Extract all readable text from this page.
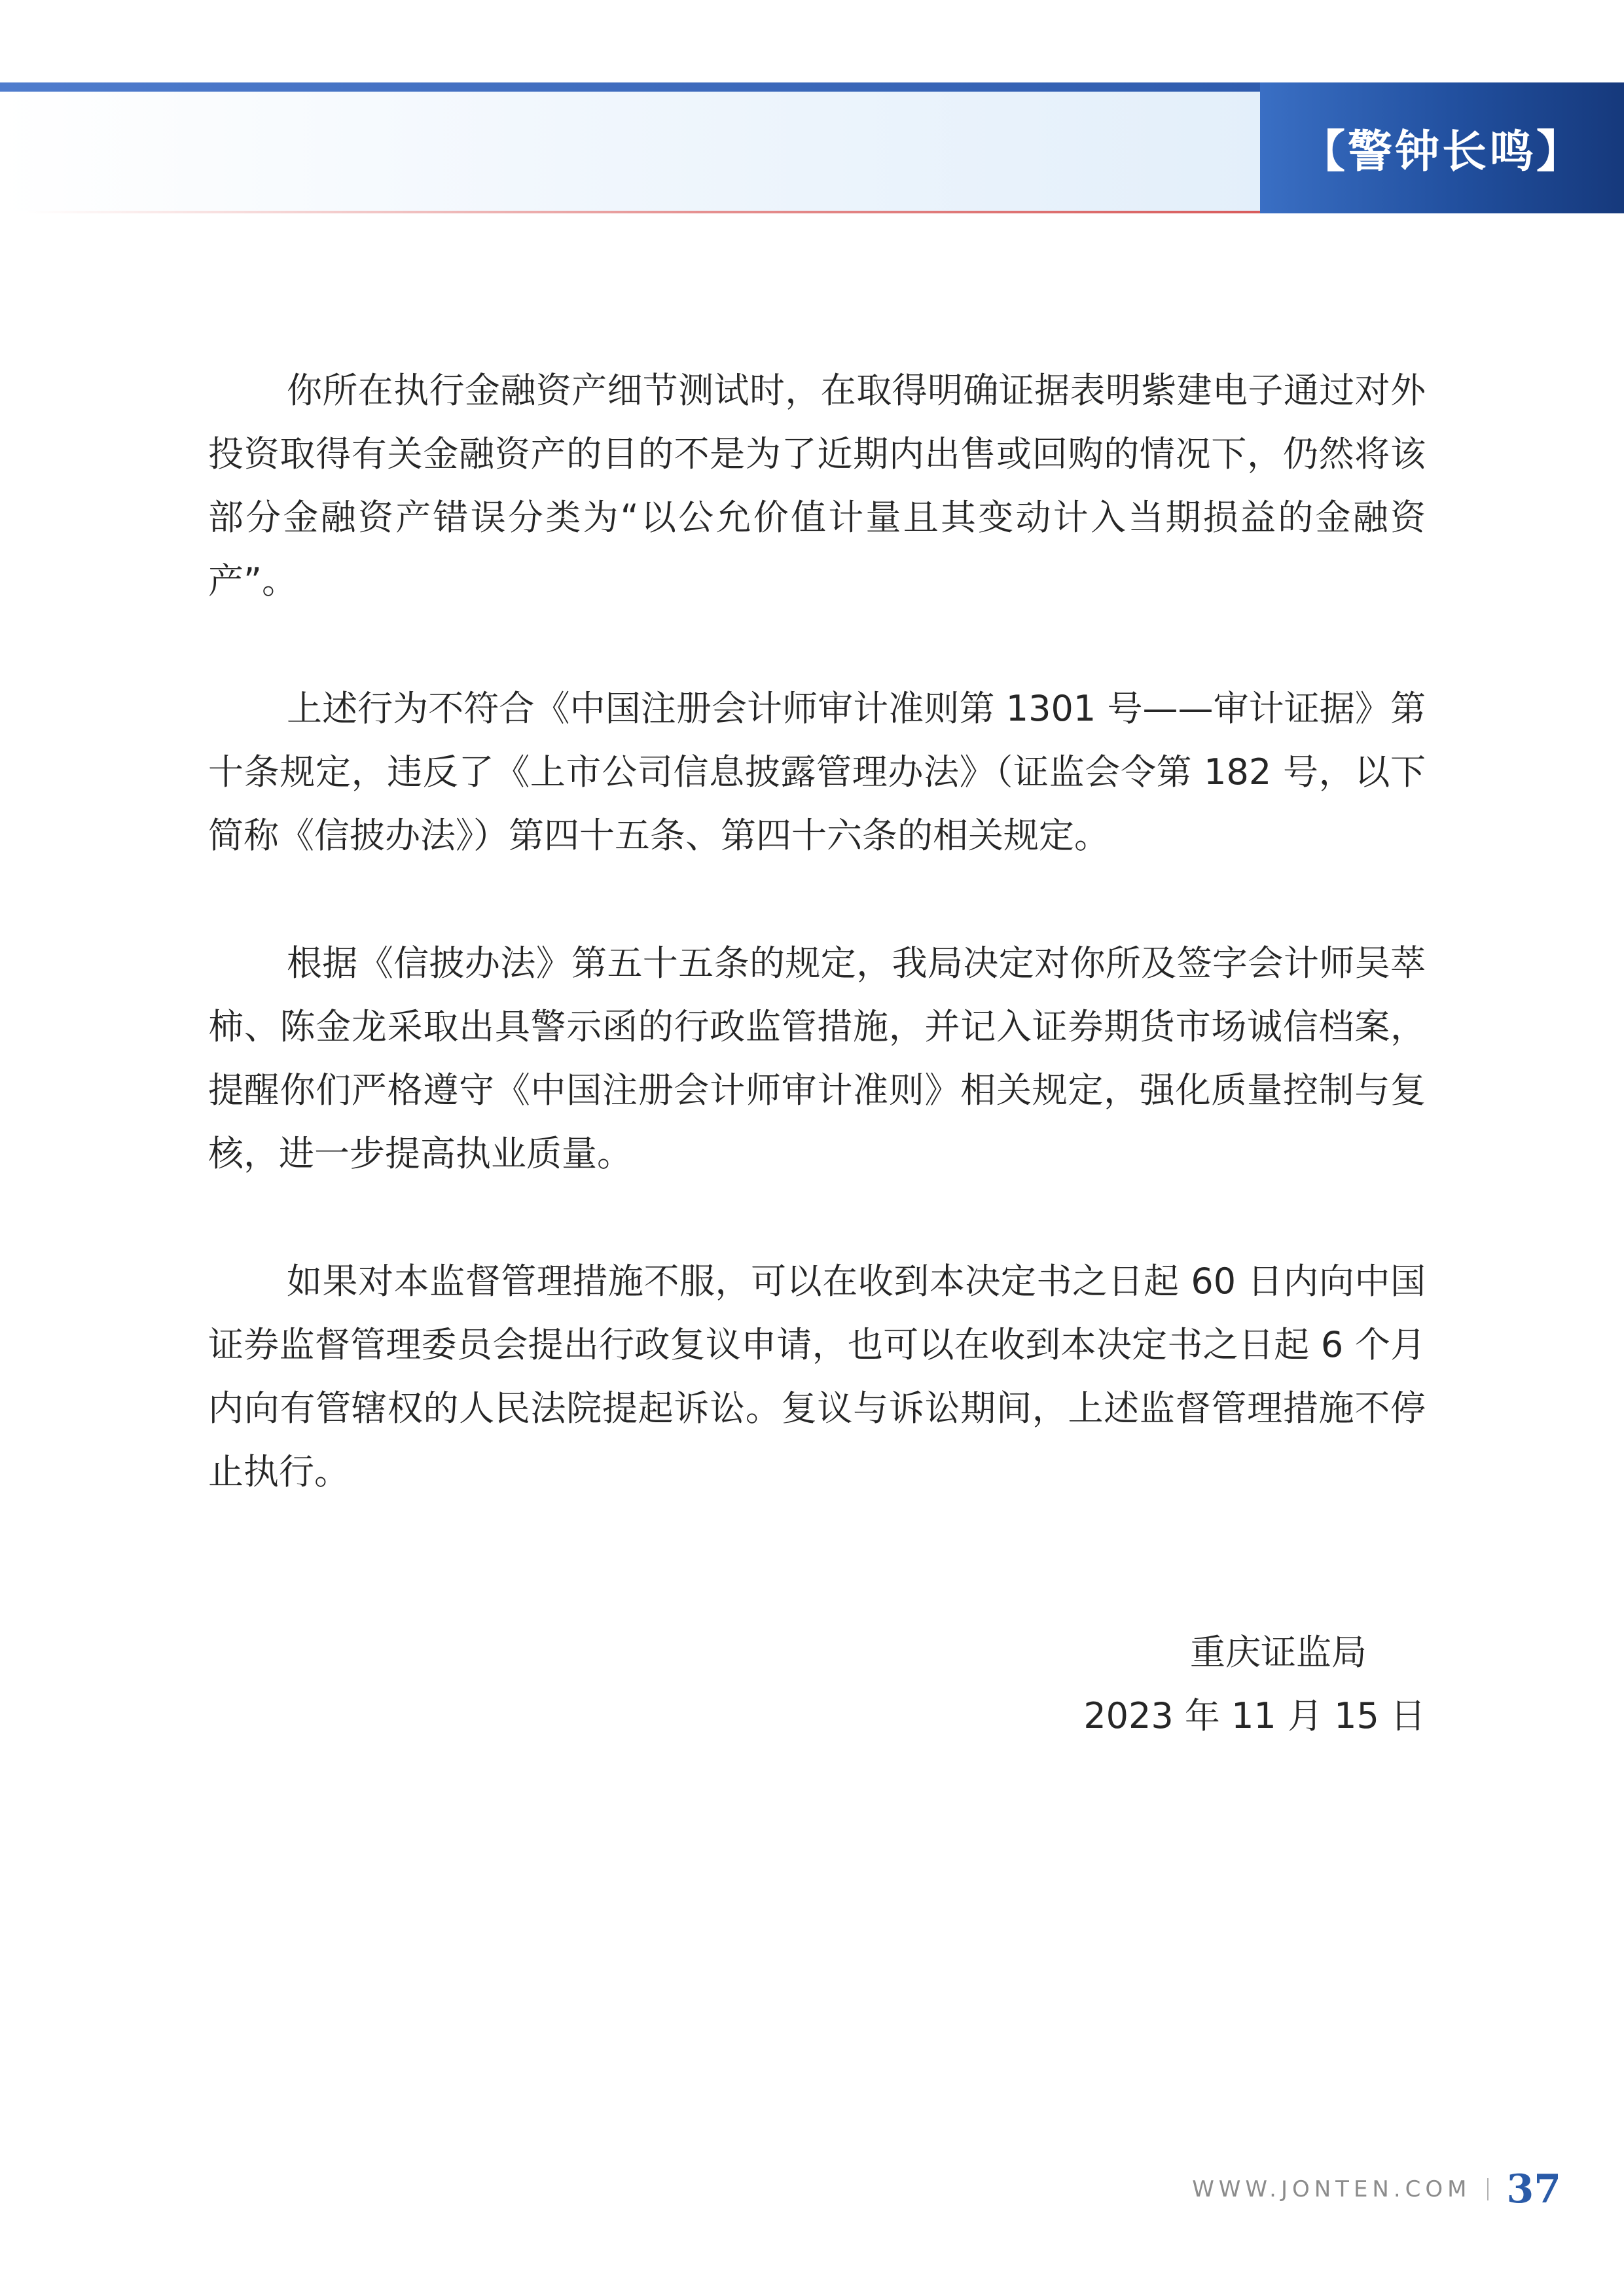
【警钟长鸣】

你所在执行金融资产细节测试时，在取得明确证据表明紫建电子通过对外投资取得有关金融资产的目的不是为了近期内出售或回购的情况下，仍然将该部分金融资产错误分类为“以公允价值计量且其变动计入当期损益的金融资产”。

上述行为不符合《中国注册会计师审计准则第 1301 号——审计证据》第十条规定，违反了《上市公司信息披露管理办法》（证监会令第 182 号，以下简称《信披办法》）第四十五条、第四十六条的相关规定。

根据《信披办法》第五十五条的规定，我局决定对你所及签字会计师吴萃柿、陈金龙采取出具警示函的行政监管措施，并记入证券期货市场诚信档案，提醒你们严格遵守《中国注册会计师审计准则》相关规定，强化质量控制与复核，进一步提高执业质量。

如果对本监督管理措施不服，可以在收到本决定书之日起 60 日内向中国证券监督管理委员会提出行政复议申请，也可以在收到本决定书之日起 6 个月内向有管辖权的人民法院提起诉讼。复议与诉讼期间，上述监督管理措施不停止执行。

重庆证监局
2023 年 11 月 15 日
WWW.JONTEN.COM 37
